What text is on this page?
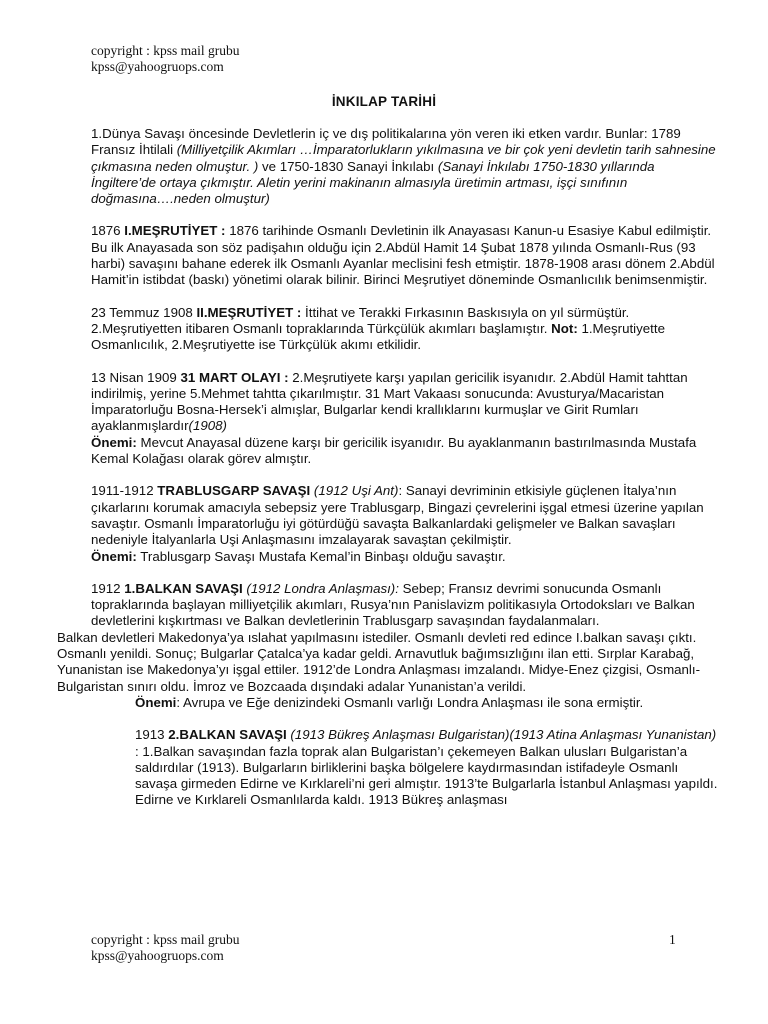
copyright : kpss mail grubu
kpss@yahoogruops.com
İNKILAP TARİHİ

1.Dünya Savaşı öncesinde Devletlerin iç ve dış politikalarına yön veren iki etken vardır. Bunlar: 1789 Fransız İhtilali (Milliyetçilik Akımları …İmparatorlukların yıkılmasına ve bir çok yeni devletin tarih sahnesine çıkmasına neden olmuştur. ) ve 1750-1830 Sanayi İnkılabı (Sanayi İnkılabı 1750-1830 yıllarında İngiltere’de ortaya çıkmıştır. Aletin yerini makinanın almasıyla üretimin artması, işçi sınıfının doğmasına….neden olmuştur)

1876 I.MEŞRUTİYET : 1876 tarihinde Osmanlı Devletinin ilk Anayasası Kanun-u Esasiye Kabul edilmiştir. Bu ilk Anayasada son söz padişahın olduğu için 2.Abdül Hamit 14 Şubat 1878 yılında Osmanlı-Rus (93 harbi) savaşını bahane ederek ilk Osmanlı Ayanlar meclisini fesh etmiştir. 1878-1908 arası dönem 2.Abdül Hamit’in istibdat (baskı) yönetimi olarak bilinir. Birinci Meşrutiyet döneminde Osmanlıcılık benimsenmiştir.

23 Temmuz 1908 II.MEŞRUTİYET : İttihat ve Terakki Fırkasının Baskısıyla on yıl sürmüştür. 2.Meşrutiyetten itibaren Osmanlı topraklarında Türkçülük akımları başlamıştır. Not: 1.Meşrutiyette Osmanlıcılık, 2.Meşrutiyette ise Türkçülük akımı etkilidir.

13 Nisan 1909 31 MART OLAYI : 2.Meşrutiyete karşı yapılan gericilik isyanıdır. 2.Abdül Hamit tahttan indirilmiş, yerine 5.Mehmet tahtta çıkarılmıştır. 31 Mart Vakaası sonucunda: Avusturya/Macaristan İmparatorluğu Bosna-Hersek’i almışlar, Bulgarlar kendi krallıklarını kurmuşlar ve Girit Rumları ayaklanmışlardır(1908)

Önemi: Mevcut Anayasal düzene karşı bir gericilik isyanıdır. Bu ayaklanmanın bastırılmasında Mustafa Kemal Kolağası olarak görev almıştır.

1911-1912 TRABLUSGARP SAVAŞI (1912 Uşi Ant): Sanayi devriminin etkisiyle güçlenen İtalya’nın çıkarlarını korumak amacıyla sebepsiz yere Trablusgarp, Bingazi çevrelerini işgal etmesi üzerine yapılan savaştır. Osmanlı İmparatorluğu iyi götürdüğü savaşta Balkanlardaki gelişmeler ve Balkan savaşları nedeniyle İtalyanlarla Uşi Anlaşmasını imzalayarak savaştan çekilmiştir.

Önemi: Trablusgarp Savaşı Mustafa Kemal’in Binbaşı olduğu savaştır.

1912 1.BALKAN SAVAŞI (1912 Londra Anlaşması): Sebep; Fransız devrimi sonucunda Osmanlı topraklarında başlayan milliyetçilik akımları, Rusya’nın Panislavizm politikasıyla Ortodoksları ve Balkan devletlerini kışkırtması ve Balkan devletlerinin Trablusgarp savaşından faydalanmaları.

Balkan devletleri Makedonya’ya ıslahat yapılmasını istediler. Osmanlı devleti red edince I.balkan savaşı çıktı. Osmanlı yenildi. Sonuç; Bulgarlar Çatalca’ya kadar geldi. Arnavutluk bağımsızlığını ilan etti. Sırplar Karabağ, Yunanistan ise Makedonya’yı işgal ettiler. 1912’de Londra Anlaşması imzalandı. Midye-Enez çizgisi, Osmanlı-Bulgaristan sınırı oldu. İmroz ve Bozcaada dışındaki adalar Yunanistan’a verildi.

Önemi: Avrupa ve Eğe denizindeki Osmanlı varlığı Londra Anlaşması ile sona ermiştir.

1913 2.BALKAN SAVAŞI (1913 Bükreş Anlaşması Bulgaristan)(1913 Atina Anlaşması Yunanistan) : 1.Balkan savaşından fazla toprak alan Bulgaristan’ı çekemeyen Balkan ulusları Bulgaristan’a saldırdılar (1913). Bulgarların birliklerini başka bölgelere kaydırmasından istifadeyle Osmanlı savaşa girmeden Edirne ve Kırklareli’ni geri almıştır. 1913’te Bulgarlarla İstanbul Anlaşması yapıldı. Edirne ve Kırklareli Osmanlılarda kaldı. 1913 Bükreş anlaşması

copyright : kpss mail grubu
kpss@yahoogruops.com
1
